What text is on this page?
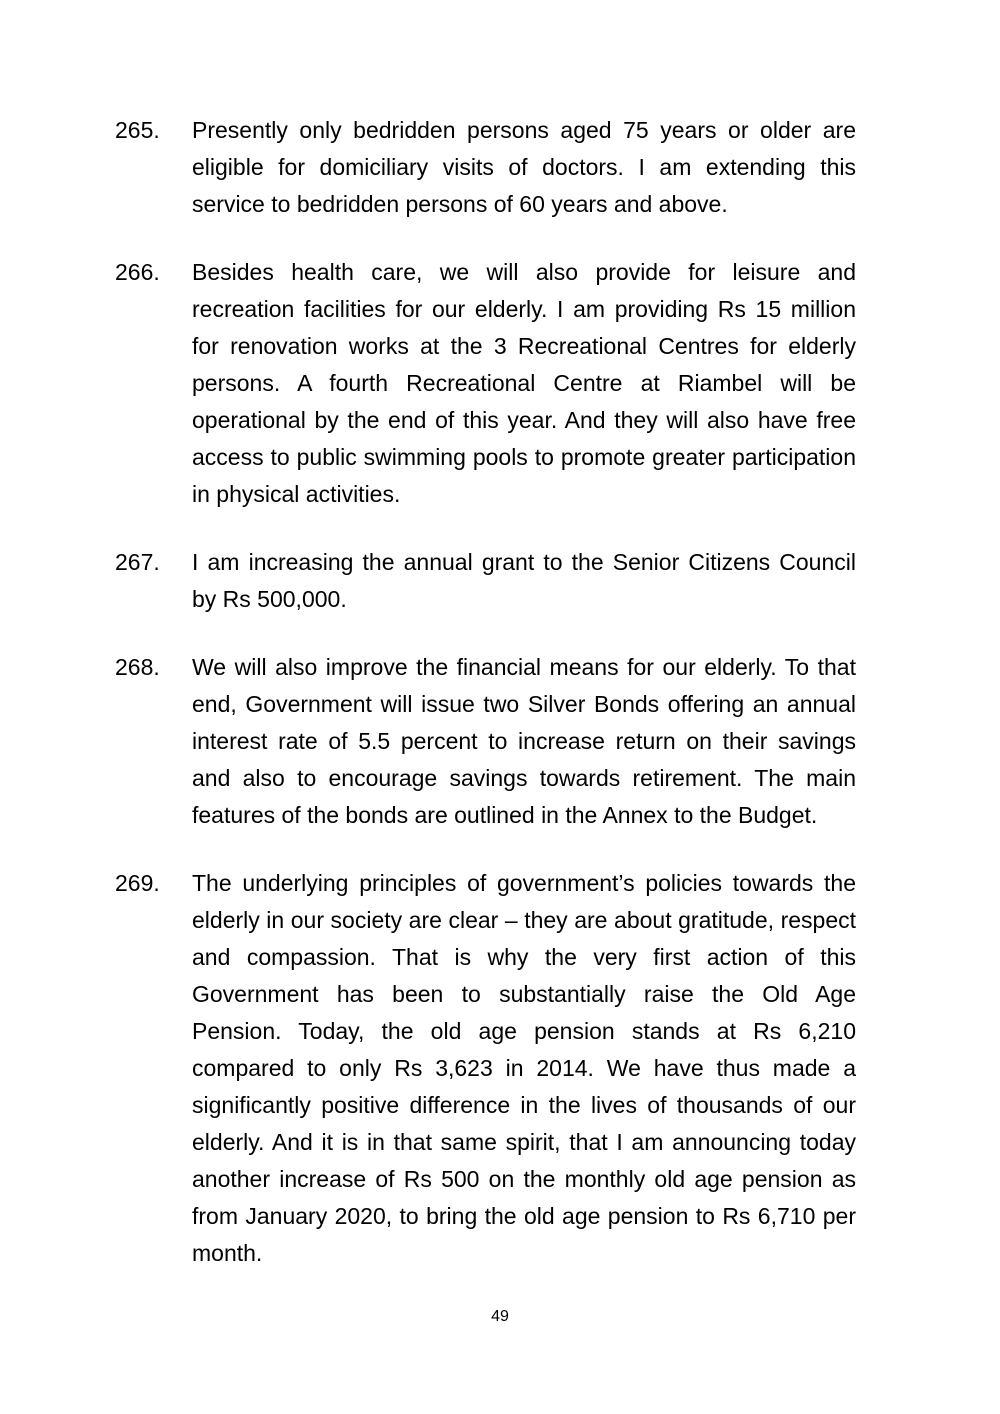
265.	Presently only bedridden persons aged 75 years or older are eligible for domiciliary visits of doctors. I am extending this service to bedridden persons of 60 years and above.

266.	Besides health care, we will also provide for leisure and recreation facilities for our elderly. I am providing Rs 15 million for renovation works at the 3 Recreational Centres for elderly persons. A fourth Recreational Centre at Riambel will be operational by the end of this year. And they will also have free access to public swimming pools to promote greater participation in physical activities.

267.	I am increasing the annual grant to the Senior Citizens Council by Rs 500,000.

268.	We will also improve the financial means for our elderly. To that end, Government will issue two Silver Bonds offering an annual interest rate of 5.5 percent to increase return on their savings and also to encourage savings towards retirement. The main features of the bonds are outlined in the Annex to the Budget.

269.	The underlying principles of government’s policies towards the elderly in our society are clear – they are about gratitude, respect and compassion. That is why the very first action of this Government has been to substantially raise the Old Age Pension. Today, the old age pension stands at Rs 6,210 compared to only Rs 3,623 in 2014. We have thus made a significantly positive difference in the lives of thousands of our elderly. And it is in that same spirit, that I am announcing today another increase of Rs 500 on the monthly old age pension as from January 2020, to bring the old age pension to Rs 6,710 per month.

49
